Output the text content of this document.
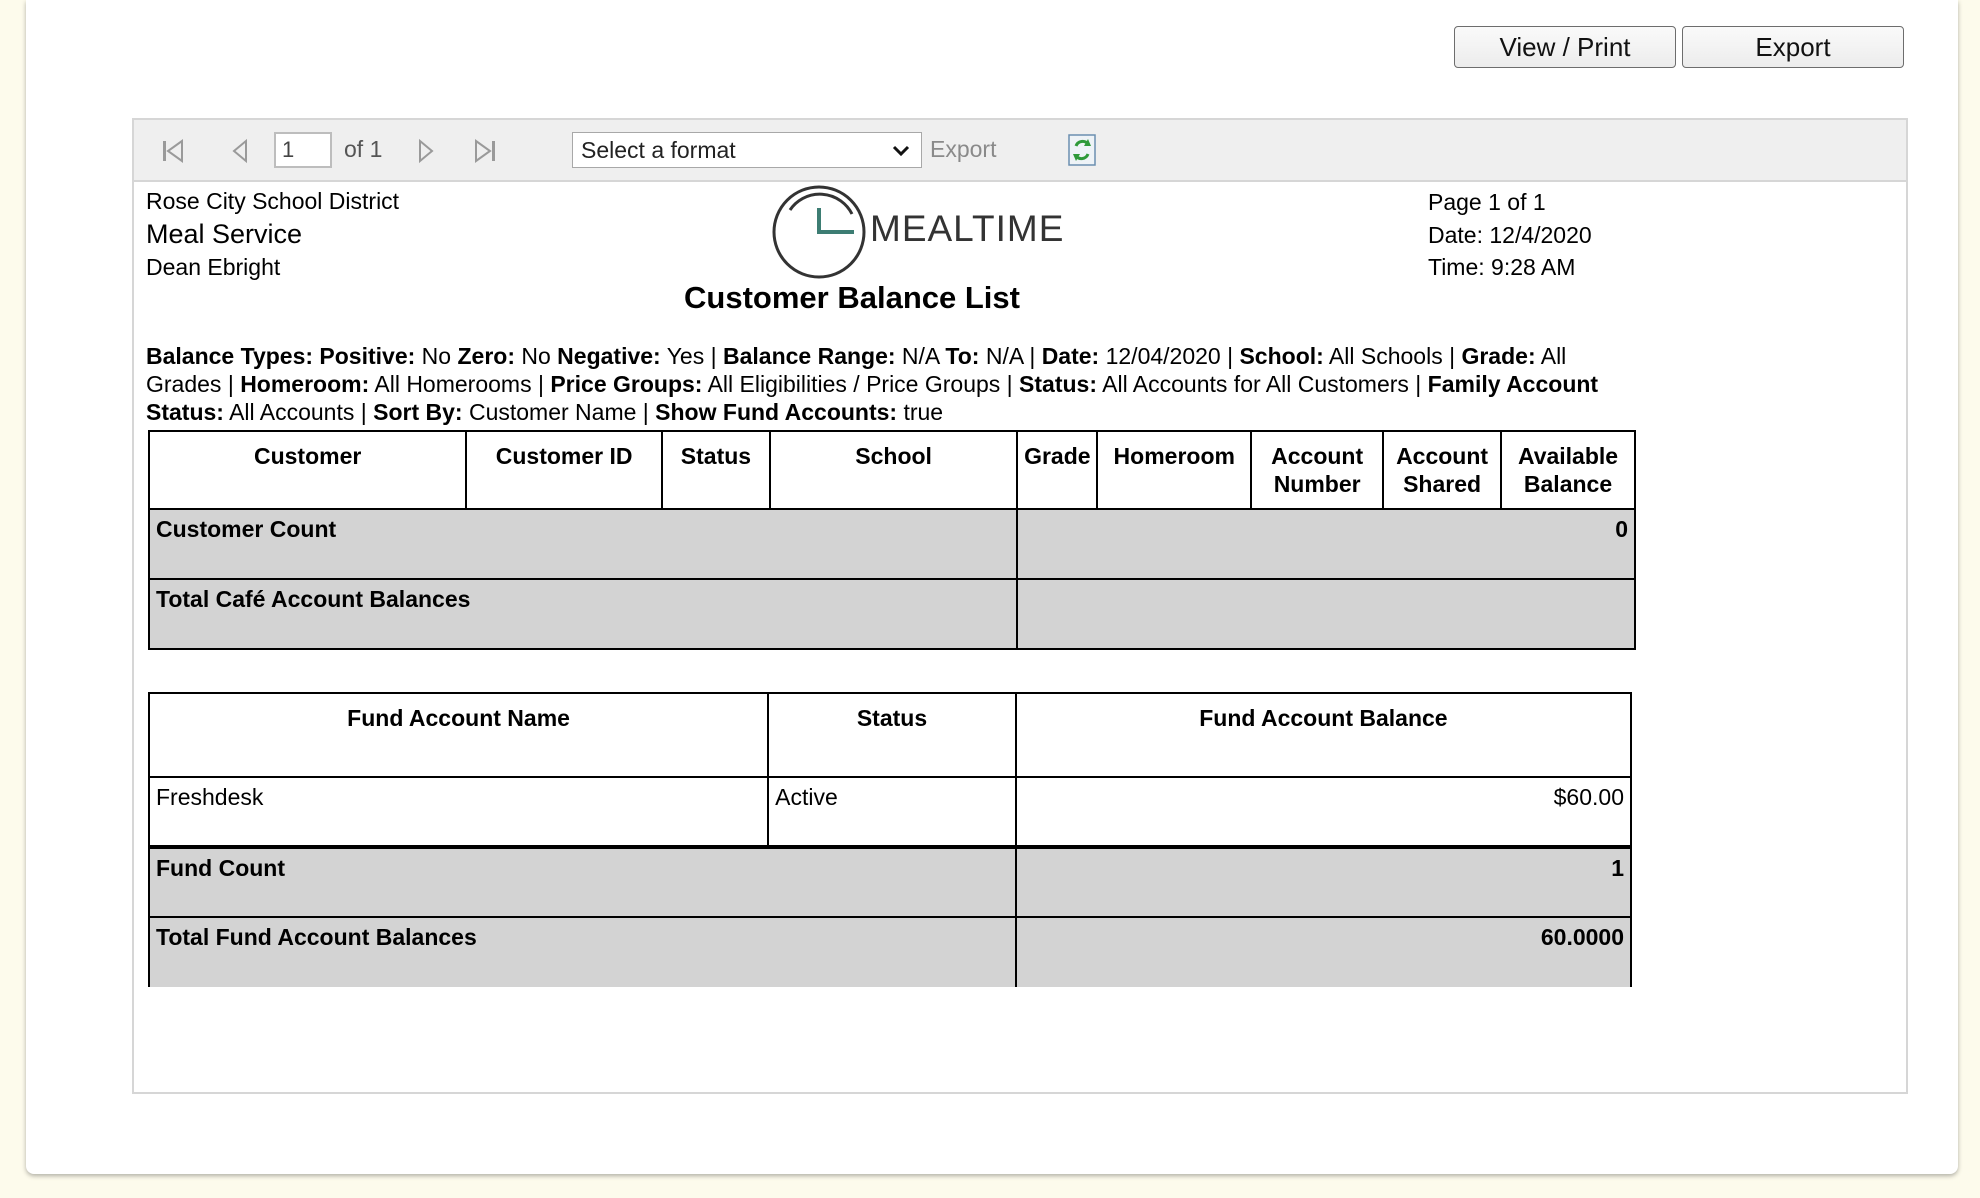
View / Print	Export
1
of 1	Select a format	Export
Rose City School District
Meal Service
Dean Ebright
MEALTIME
Page 1 of 1
Date: 12/4/2020
Time: 9:28 AM
Customer Balance List
Balance Types: Positive: No Zero: No Negative: Yes | Balance Range: N/A To: N/A | Date: 12/04/2020 | School: All Schools | Grade: All Grades | Homeroom: All Homerooms | Price Groups: All Eligibilities / Price Groups | Status: All Accounts for All Customers | Family Account Status: All Accounts | Sort By: Customer Name | Show Fund Accounts: true
Customer	Customer ID	Status	School	Grade	Homeroom	Account Number	Account Shared	Available Balance
Customer Count				0				
Total Café Account Balances								
Fund Account Name	Status	Fund Account Balance
Freshdesk	Active	$60.00
Fund Count		1
Total Fund Account Balances		60.0000
